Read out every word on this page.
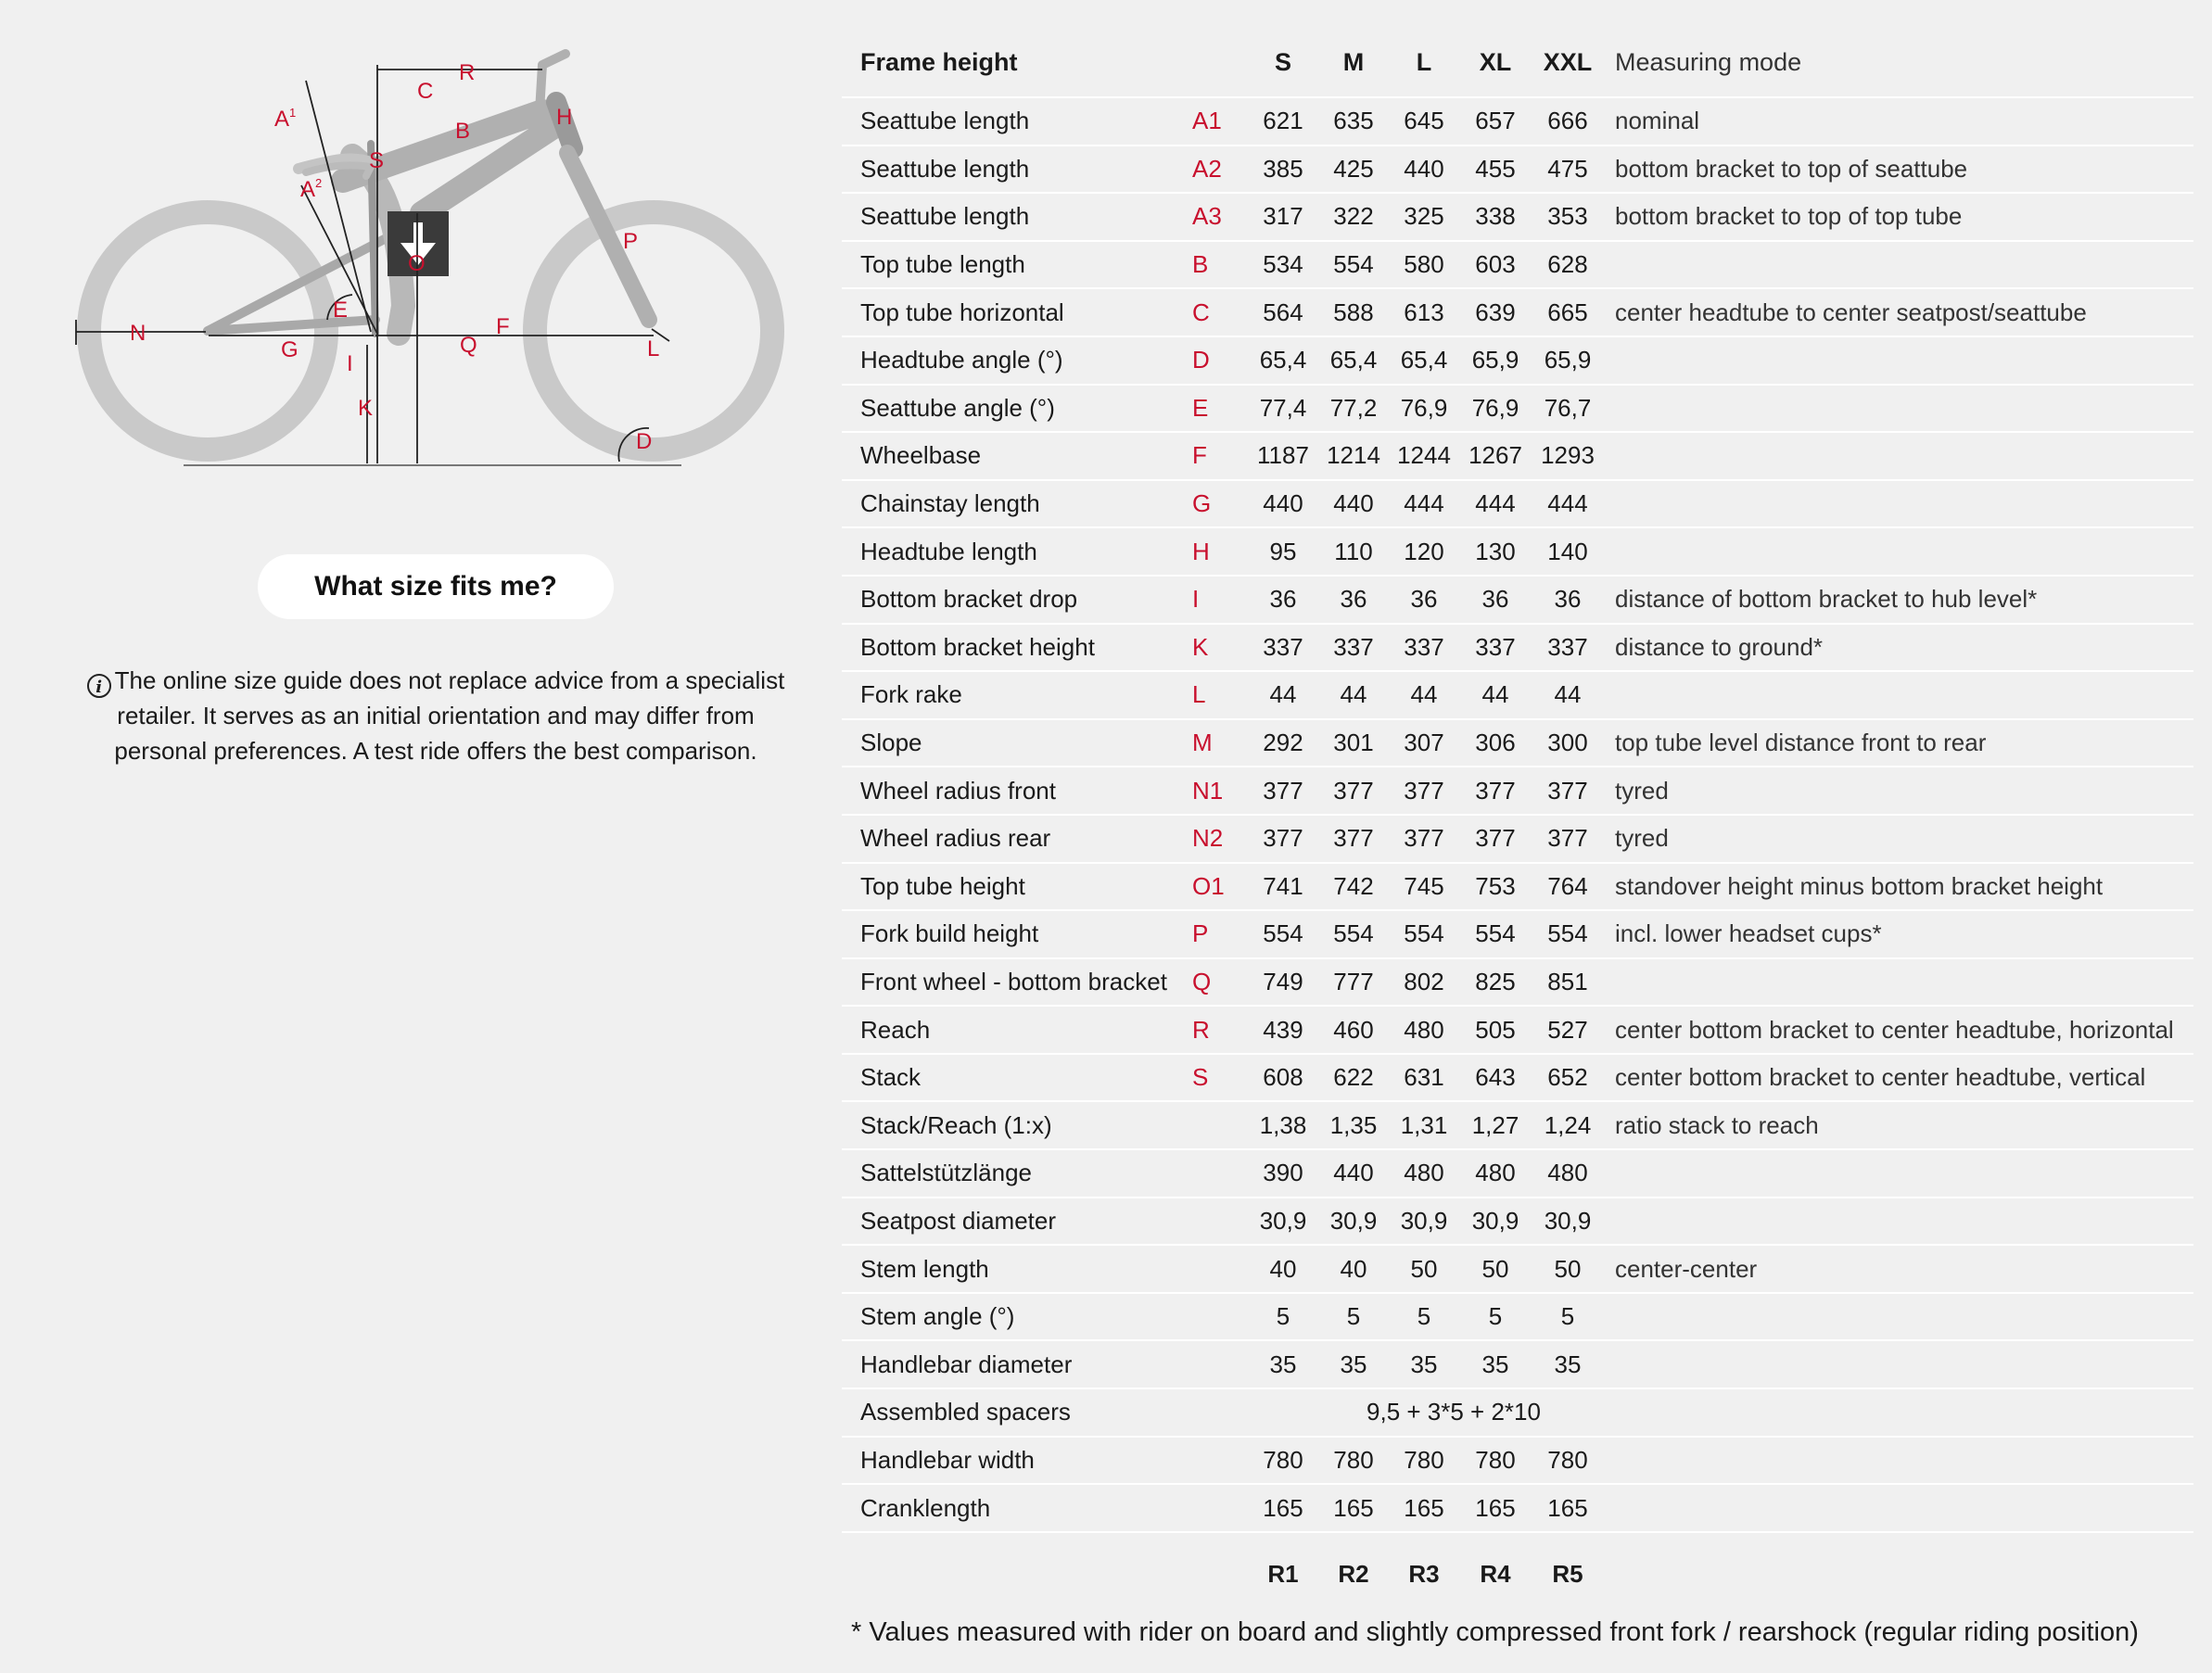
$A^1$
$A^2$
B
C
D
E
F
G
H
I
K
L
N
O
P
Q
R
S
What size fits me?
i The online size guide does not replace advice from a specialist retailer. It serves as an initial orientation and may differ from personal preferences. A test ride offers the best comparison.
Frame height		S	M	L	XL	XXL	Measuring mode
Seattube length	A1	621	635	645	657	666	nominal
Seattube length	A2	385	425	440	455	475	bottom bracket to top of seattube
Seattube length	A3	317	322	325	338	353	bottom bracket to top of top tube
Top tube length	B	534	554	580	603	628	
Top tube horizontal	C	564	588	613	639	665	center headtube to center seatpost/seattube
Headtube angle (°)	D	65,4	65,4	65,4	65,9	65,9	
Seattube angle (°)	E	77,4	77,2	76,9	76,9	76,7	
Wheelbase	F	1187	1214	1244	1267	1293	
Chainstay length	G	440	440	444	444	444	
Headtube length	H	95	110	120	130	140	
Bottom bracket drop	I	36	36	36	36	36	distance of bottom bracket to hub level*
Bottom bracket height	K	337	337	337	337	337	distance to ground*
Fork rake	L	44	44	44	44	44	
Slope	M	292	301	307	306	300	top tube level distance front to rear
Wheel radius front	N1	377	377	377	377	377	tyred
Wheel radius rear	N2	377	377	377	377	377	tyred
Top tube height	O1	741	742	745	753	764	standover height minus bottom bracket height
Fork build height	P	554	554	554	554	554	incl. lower headset cups*
Front wheel - bottom bracket	Q	749	777	802	825	851	
Reach	R	439	460	480	505	527	center bottom bracket to center headtube, horizontal
Stack	S	608	622	631	643	652	center bottom bracket to center headtube, vertical
Stack/Reach (1:x)		1,38	1,35	1,31	1,27	1,24	ratio stack to reach
Sattelstützlänge		390	440	480	480	480	
Seatpost diameter		30,9	30,9	30,9	30,9	30,9	
Stem length		40	40	50	50	50	center-center
Stem angle (°)		5	5	5	5	5	
Handlebar diameter		35	35	35	35	35	
Assembled spacers		9,5 + 3*5 + 2*10					
Handlebar width		780	780	780	780	780	
Cranklength		165	165	165	165	165	
		R1	R2	R3	R4	R5	
* Values measured with rider on board and slightly compressed front fork / rearshock (regular riding position)
